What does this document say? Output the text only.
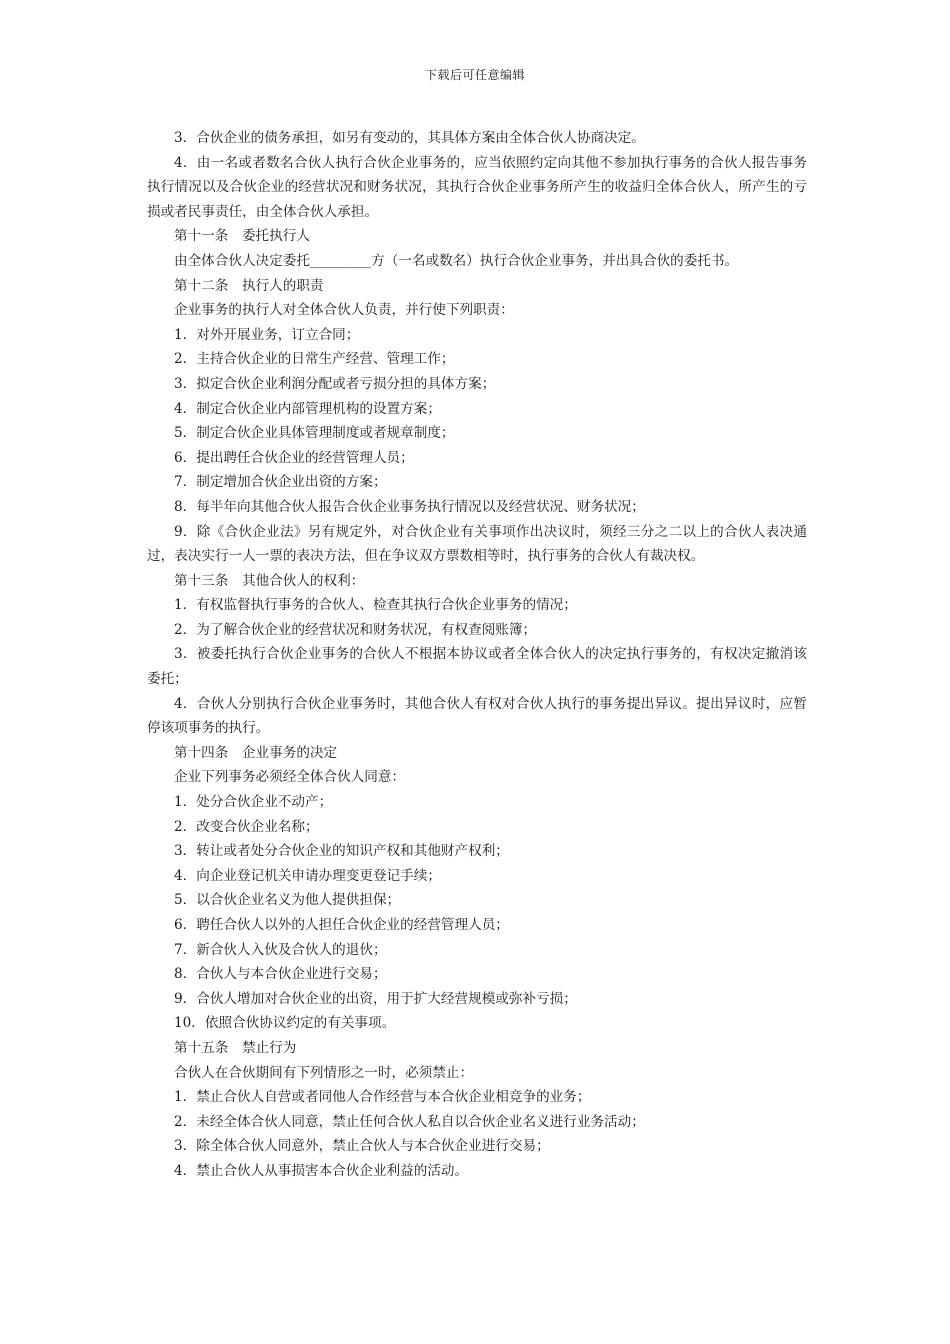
下载后可任意编辑

3．合伙企业的债务承担，如另有变动的，其具体方案由全体合伙人协商决定。

4．由一名或者数名合伙人执行合伙企业事务的，应当依照约定向其他不参加执行事务的合伙人报告事务执行情况以及合伙企业的经营状况和财务状况，其执行合伙企业事务所产生的收益归全体合伙人，所产生的亏损或者民事责任，由全体合伙人承担。

第十一条　委托执行人

由全体合伙人决定委托_________方（一名或数名）执行合伙企业事务，并出具合伙的委托书。

第十二条　执行人的职责

企业事务的执行人对全体合伙人负责，并行使下列职责：

1．对外开展业务，订立合同；

2．主持合伙企业的日常生产经营、管理工作；

3．拟定合伙企业利润分配或者亏损分担的具体方案；

4．制定合伙企业内部管理机构的设置方案；

5．制定合伙企业具体管理制度或者规章制度；

6．提出聘任合伙企业的经营管理人员；

7．制定增加合伙企业出资的方案；

8．每半年向其他合伙人报告合伙企业事务执行情况以及经营状况、财务状况；

9．除《合伙企业法》另有规定外，对合伙企业有关事项作出决议时，须经三分之二以上的合伙人表决通过，表决实行一人一票的表决方法，但在争议双方票数相等时，执行事务的合伙人有裁决权。

第十三条　其他合伙人的权利：

1．有权监督执行事务的合伙人、检查其执行合伙企业事务的情况；

2．为了解合伙企业的经营状况和财务状况，有权查阅账簿；

3．被委托执行合伙企业事务的合伙人不根据本协议或者全体合伙人的决定执行事务的，有权决定撤消该委托；

4．合伙人分别执行合伙企业事务时，其他合伙人有权对合伙人执行的事务提出异议。提出异议时，应暂停该项事务的执行。

第十四条　企业事务的决定

企业下列事务必须经全体合伙人同意：

1．处分合伙企业不动产；

2．改变合伙企业名称；

3．转让或者处分合伙企业的知识产权和其他财产权利；

4．向企业登记机关申请办理变更登记手续；

5．以合伙企业名义为他人提供担保；

6．聘任合伙人以外的人担任合伙企业的经营管理人员；

7．新合伙人入伙及合伙人的退伙；

8．合伙人与本合伙企业进行交易；

9．合伙人增加对合伙企业的出资，用于扩大经营规模或弥补亏损；

10．依照合伙协议约定的有关事项。

第十五条　禁止行为

合伙人在合伙期间有下列情形之一时，必须禁止：

1．禁止合伙人自营或者同他人合作经营与本合伙企业相竞争的业务；

2．未经全体合伙人同意，禁止任何合伙人私自以合伙企业名义进行业务活动；

3．除全体合伙人同意外，禁止合伙人与本合伙企业进行交易；

4．禁止合伙人从事损害本合伙企业利益的活动。
